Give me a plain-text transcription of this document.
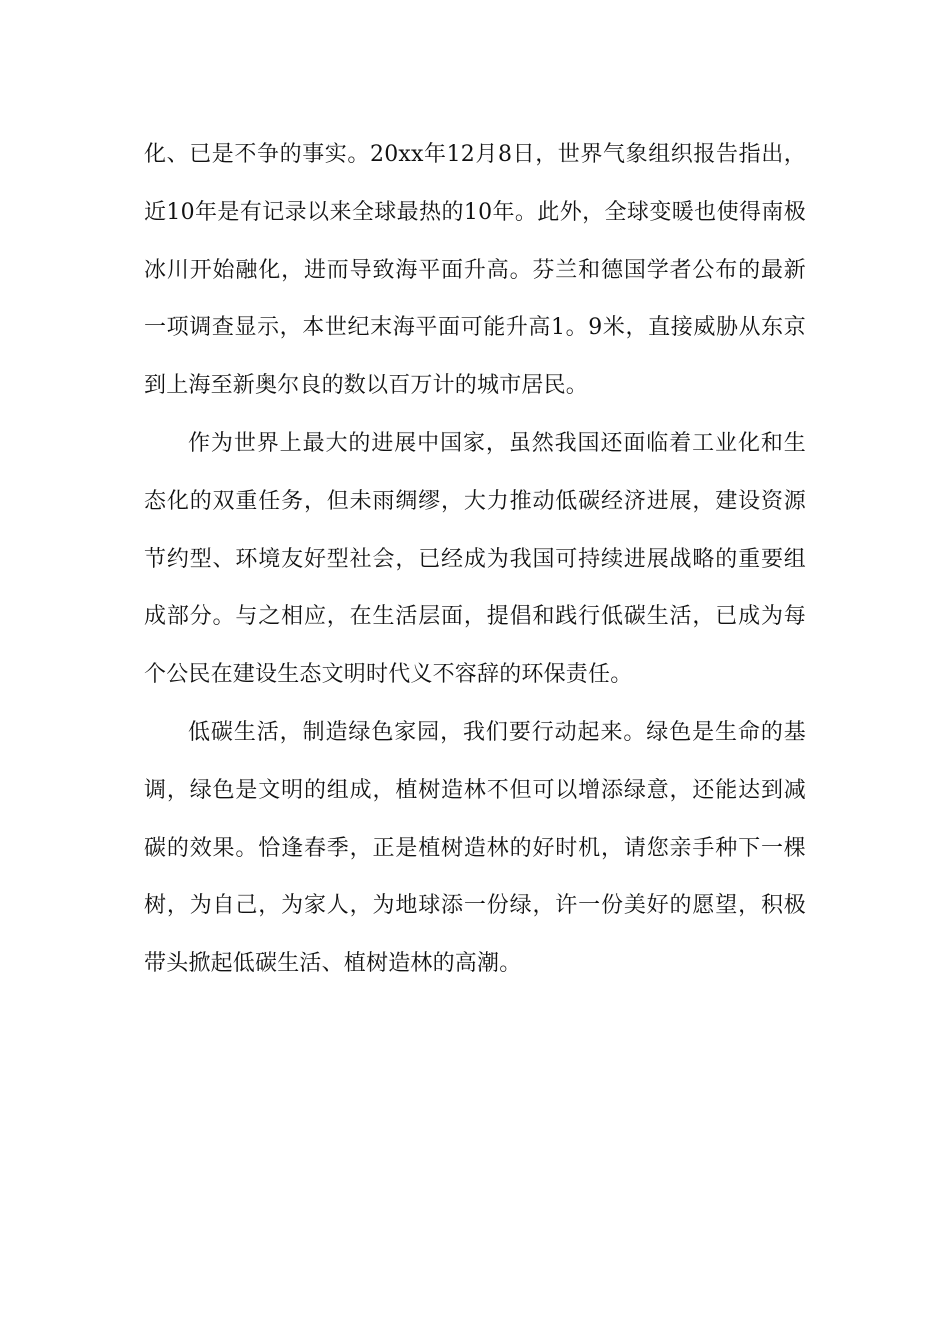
化、已是不争的事实。20xx年12月8日，世界气象组织报告指出，近10年是有记录以来全球最热的10年。此外，全球变暖也使得南极冰川开始融化，进而导致海平面升高。芬兰和德国学者公布的最新一项调查显示，本世纪末海平面可能升高1。9米，直接威胁从东京到上海至新奥尔良的数以百万计的城市居民。

作为世界上最大的进展中国家，虽然我国还面临着工业化和生态化的双重任务，但未雨绸缪，大力推动低碳经济进展，建设资源节约型、环境友好型社会，已经成为我国可持续进展战略的重要组成部分。与之相应，在生活层面，提倡和践行低碳生活，已成为每个公民在建设生态文明时代义不容辞的环保责任。

低碳生活，制造绿色家园，我们要行动起来。绿色是生命的基调，绿色是文明的组成，植树造林不但可以增添绿意，还能达到减碳的效果。恰逢春季，正是植树造林的好时机，请您亲手种下一棵树，为自己，为家人，为地球添一份绿，许一份美好的愿望，积极带头掀起低碳生活、植树造林的高潮。
